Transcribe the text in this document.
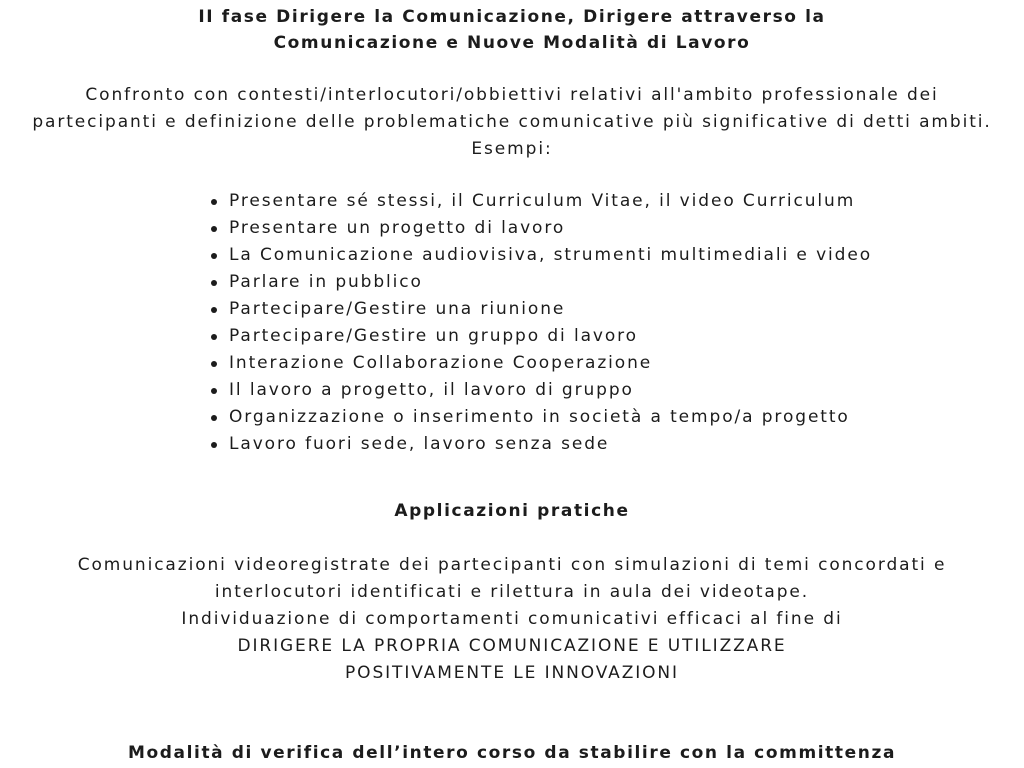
II fase Dirigere la Comunicazione, Dirigere attraverso la
Comunicazione e Nuove Modalità di Lavoro

Confronto con contesti/interlocutori/obbiettivi relativi all'ambito professionale dei
partecipanti e definizione delle problematiche comunicative più significative di detti ambiti.
Esempi:

Presentare sé stessi, il Curriculum Vitae, il video Curriculum
Presentare un progetto di lavoro
La Comunicazione audiovisiva, strumenti multimediali e video
Parlare in pubblico
Partecipare/Gestire una riunione
Partecipare/Gestire un gruppo di lavoro
Interazione Collaborazione Cooperazione
Il lavoro a progetto, il lavoro di gruppo
Organizzazione o inserimento in società a tempo/a progetto
Lavoro fuori sede, lavoro senza sede
Applicazioni pratiche

Comunicazioni videoregistrate dei partecipanti con simulazioni di temi concordati e
interlocutori identificati e rilettura in aula dei videotape.
Individuazione di comportamenti comunicativi efficaci al fine di
DIRIGERE LA PROPRIA COMUNICAZIONE E UTILIZZARE
POSITIVAMENTE LE INNOVAZIONI

Modalità di verifica dell’intero corso da stabilire con la committenza
